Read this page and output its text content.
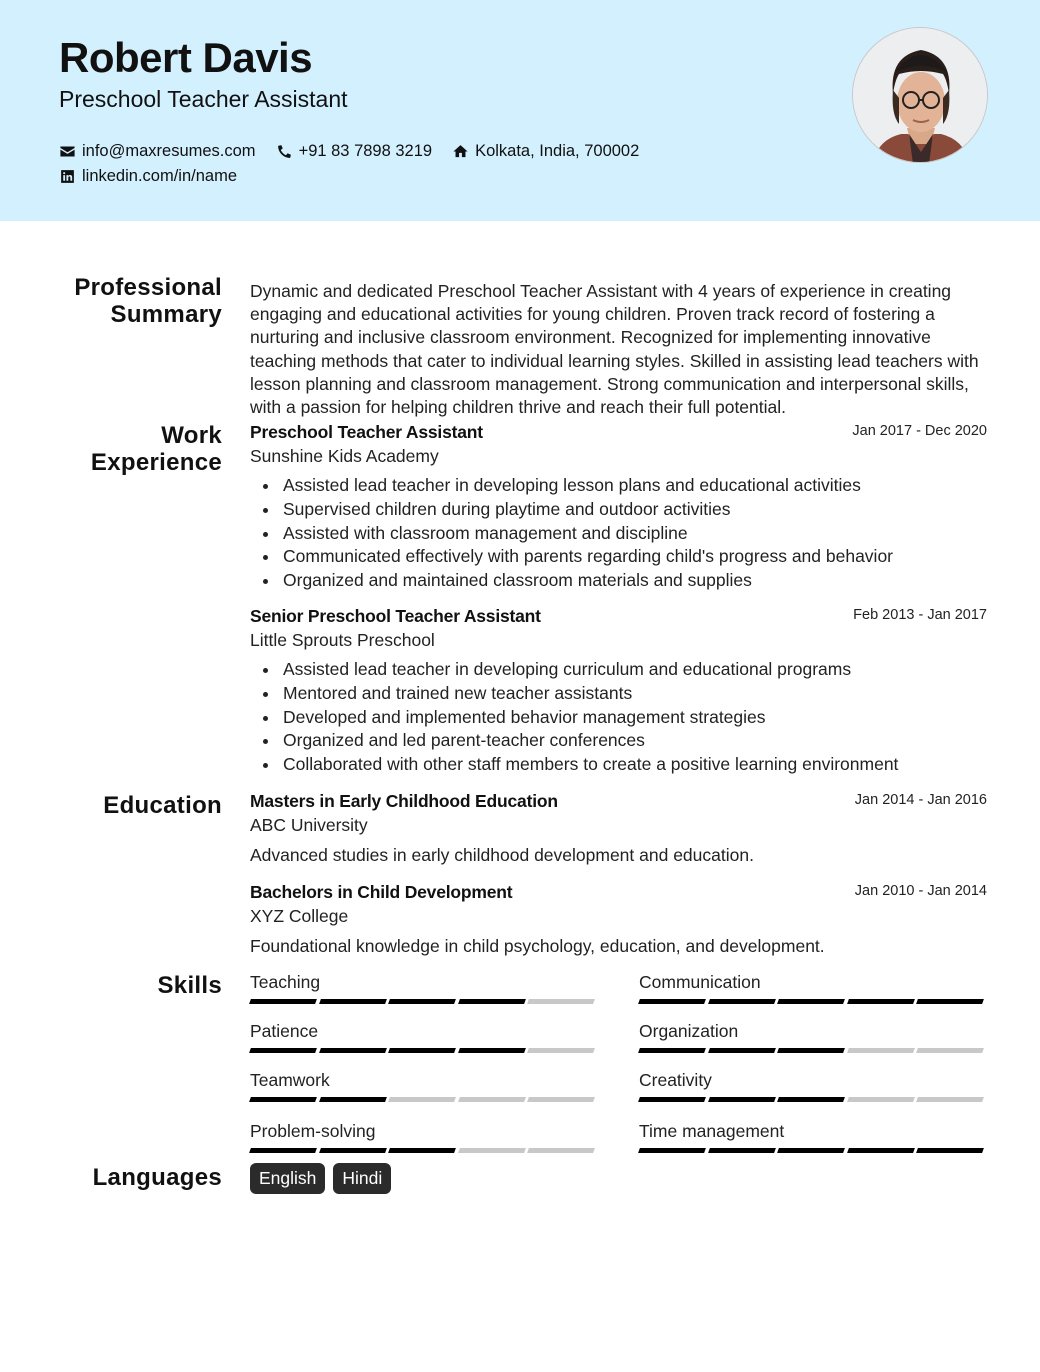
Robert Davis
Preschool Teacher Assistant
info@maxresumes.com	+91 83 7898 3219	Kolkata, India, 700002
linkedin.com/in/name
Professional
Summary
Dynamic and dedicated Preschool Teacher Assistant with 4 years of experience in creating engaging and educational activities for young children. Proven track record of fostering a nurturing and inclusive classroom environment. Recognized for implementing innovative teaching methods that cater to individual learning styles. Skilled in assisting lead teachers with lesson planning and classroom management. Strong communication and interpersonal skills, with a passion for helping children thrive and reach their full potential.
Work
Experience
Preschool Teacher Assistant	Jan 2017 - Dec 2020
Sunshine Kids Academy
Assisted lead teacher in developing lesson plans and educational activities
Supervised children during playtime and outdoor activities
Assisted with classroom management and discipline
Communicated effectively with parents regarding child's progress and behavior
Organized and maintained classroom materials and supplies
Senior Preschool Teacher Assistant	Feb 2013 - Jan 2017
Little Sprouts Preschool
Assisted lead teacher in developing curriculum and educational programs
Mentored and trained new teacher assistants
Developed and implemented behavior management strategies
Organized and led parent-teacher conferences
Collaborated with other staff members to create a positive learning environment
Education Masters in Early Childhood Education	Jan 2014 - Jan 2016
ABC University
Advanced studies in early childhood development and education.
Bachelors in Child Development	Jan 2010 - Jan 2014
XYZ College
Foundational knowledge in child psychology, education, and development.
Skills Teaching	Communication
Patience	Organization
Teamwork	Creativity
Problem-solving	Time management
Languages	English	Hindi
